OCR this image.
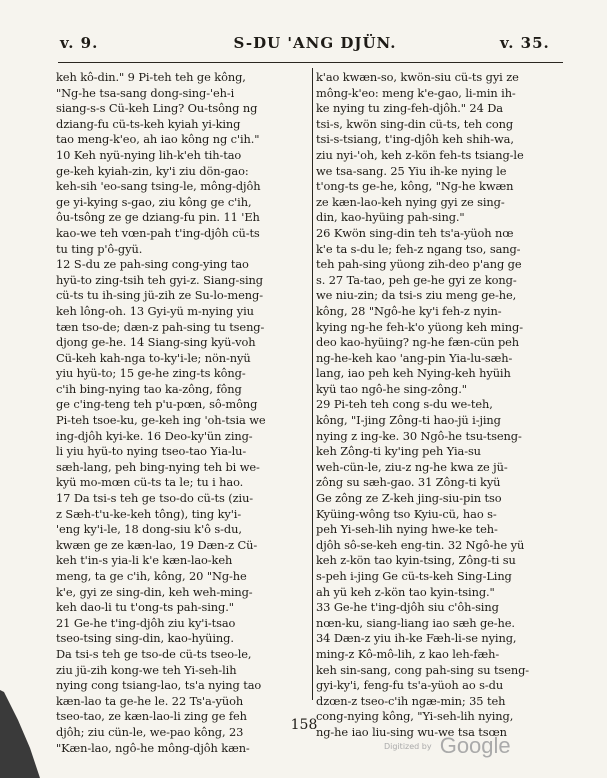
v. 9.	S-DU 'ANG DJÜN.	v. 35.
keh kô-din." 9 Pi-teh teh ge kông,
"Ng-he tsa-sang dong-sing-'eh-i
siang-s-s Cü-keh Ling? Ou-tsông ng
dziang-fu cü-ts-keh kyiah yi-king
tao meng-k'eo, ah iao kông ng c'ih."
10 Keh nyü-nying lih-k'eh tih-tao
ge-keh kyiah-zin, ky'i ziu dön-gao:
keh-sih 'eo-sang tsing-le, mông-djôh
ge yi-kying s-gao, ziu kông ge c'ih,
ôu-tsông ze ge dziang-fu pin. 11 'Eh
kao-we teh vœn-pah t'ing-djôh cü-ts
tu ting p'ô-gyü.
12 S-du ze pah-sing cong-ying tao
hyü-to zing-tsih teh gyi-z. Siang-sing
cü-ts tu ih-sing jü-zih ze Su-lo-meng-
keh lông-oh. 13 Gyi-yü m-nying yiu
tæn tso-de; dæn-z pah-sing tu tseng-
djong ge-he. 14 Siang-sing kyü-voh
Cü-keh kah-nga to-ky'i-le; nön-nyü
yiu hyü-to; 15 ge-he zing-ts kông-
c'ih bing-nying tao ka-zông, fông
ge c'ing-teng teh p'u-pœn, sô-mông
Pi-teh tsoe-ku, ge-keh ing 'oh-tsia we
ing-djôh kyi-ke. 16 Deo-ky'ün zing-
li yiu hyü-to nying tseo-tao Yia-lu-
sæh-lang, peh bing-nying teh bi we-
kyü mo-mœn cü-ts ta le; tu i hao.
17 Da tsi-s teh ge tso-do cü-ts (ziu-
z Sæh-t'u-ke-keh tông), ting ky'i-
'eng ky'i-le, 18 dong-siu k'ô s-du,
kwæn ge ze kæn-lao, 19 Dæn-z Cü-
keh t'in-s yia-li k'e kæn-lao-keh
meng, ta ge c'ih, kông, 20 "Ng-he
k'e, gyi ze sing-din, keh weh-ming-
keh dao-li tu t'ong-ts pah-sing."
21 Ge-he t'ing-djôh ziu ky'i-tsao
tseo-tsing sing-din, kao-hyüing.
Da tsi-s teh ge tso-de cü-ts tseo-le,
ziu jü-zih kong-we teh Yi-seh-lih
nying cong tsiang-lao, ts'a nying tao
kæn-lao ta ge-he le. 22 Ts'a-yüoh
tseo-tao, ze kæn-lao-li zing ge feh
djôh; ziu cün-le, we-pao kông, 23
"Kæn-lao, ngô-he mông-djôh kæn-
k'ao kwæn-so, kwön-siu cü-ts gyi ze
mông-k'eo: meng k'e-gao, li-min ih-
ke nying tu zing-feh-djôh." 24 Da
tsi-s, kwön sing-din cü-ts, teh cong
tsi-s-tsiang, t'ing-djôh keh shih-wa,
ziu nyi-'oh, keh z-kön feh-ts tsiang-le
we tsa-sang. 25 Yiu ih-ke nying le
t'ong-ts ge-he, kông, "Ng-he kwæn
ze kæn-lao-keh nying gyi ze sing-
din, kao-hyüing pah-sing."
26 Kwön sing-din teh ts'a-yüoh nœ
k'e ta s-du le; feh-z ngang tso, sang-
teh pah-sing yüong zih-deo p'ang ge
s. 27 Ta-tao, peh ge-he gyi ze kong-
we niu-zin; da tsi-s ziu meng ge-he,
kông, 28 "Ngô-he ky'i feh-z nyin-
kying ng-he feh-k'o yüong keh ming-
deo kao-hyüing? ng-he fæn-cün peh
ng-he-keh kao 'ang-pin Yia-lu-sæh-
lang, iao peh keh Nying-keh hyüih
kyü tao ngô-he sing-zông."
29 Pi-teh teh cong s-du we-teh,
kông, "I-jing Zông-ti hao-jü i-jing
nying z ing-ke. 30 Ngô-he tsu-tseng-
keh Zông-ti ky'ing peh Yia-su
weh-cün-le, ziu-z ng-he kwa ze jü-
zông su sæh-gao. 31 Zông-ti kyü
Ge zông ze Z-keh jing-siu-pin tso
Kyüing-wông tso Kyiu-cü, hao s-
peh Yi-seh-lih nying hwe-ke teh-
djôh sô-se-keh eng-tin. 32 Ngô-he yü
keh z-kön tao kyin-tsing, Zông-ti su
s-peh i-jing Ge cü-ts-keh Sing-Ling
ah yü keh z-kön tao kyin-tsing."
33 Ge-he t'ing-djôh siu c'ôh-sing
nœn-ku, siang-liang iao sæh ge-he.
34 Dæn-z yiu ih-ke Fæh-li-se nying,
ming-z Kô-mô-lih, z kao leh-fæh-
keh sin-sang, cong pah-sing su tseng-
gyi-ky'i, feng-fu ts'a-yüoh ao s-du
dzœn-z tseo-c'ih ngæ-min; 35 teh
cong-nying kông, "Yi-seh-lih nying,
ng-he iao liu-sing wu-we tsa tsœn
158
Digitized by Google
